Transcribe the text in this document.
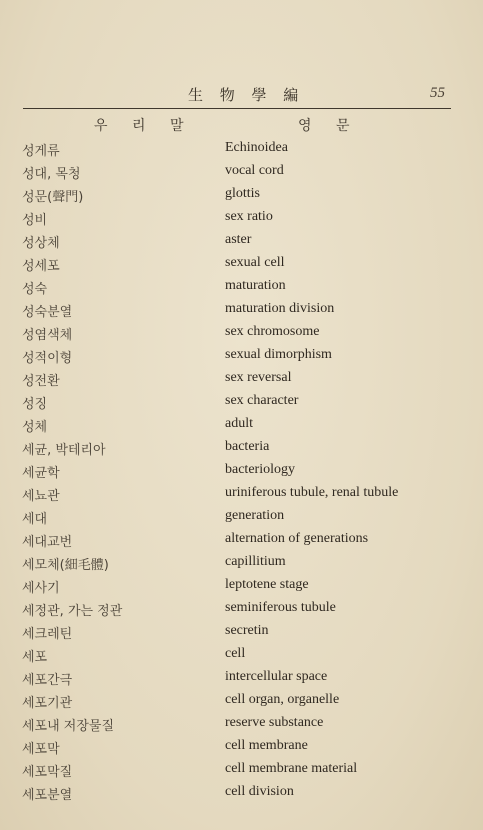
生 物 學 編	55
우 리 말	영 문
성게류	Echinoidea
성대, 목청	vocal cord
성문(聲門)	glottis
성비	sex ratio
성상체	aster
성세포	sexual cell
성숙	maturation
성숙분열	maturation division
성염색체	sex chromosome
성적이형	sexual dimorphism
성전환	sex reversal
성징	sex character
성체	adult
세균, 박테리아	bacteria
세균학	bacteriology
세뇨관	uriniferous tubule, renal tubule
세대	generation
세대교번	alternation of generations
세모체(細毛體)	capillitium
세사기	leptotene stage
세정관, 가는 정관	seminiferous tubule
세크레틴	secretin
세포	cell
세포간극	intercellular space
세포기관	cell organ, organelle
세포내 저장물질	reserve substance
세포막	cell membrane
세포막질	cell membrane material
세포분열	cell division
